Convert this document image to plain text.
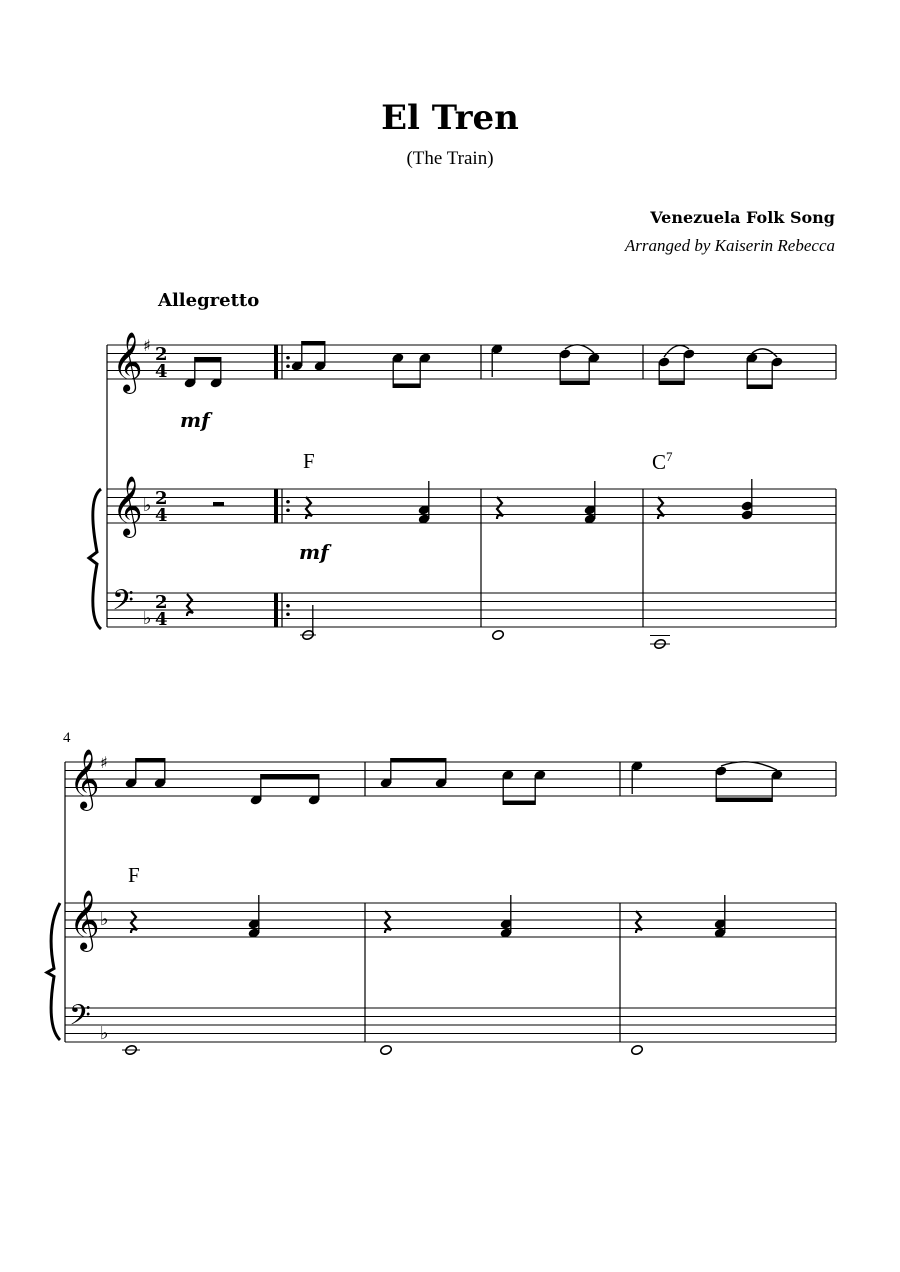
El Tren
(The Train)
Venezuela Folk Song
Arranged by Kaiserin Rebecca
Allegretto
mf
mf
F	$C^7$
F
4
𝄞
𝄞
𝄢
♯
♭
♭
2
4
2
4
2
4
𝄞
𝄞
𝄢
♯
♭
♭
